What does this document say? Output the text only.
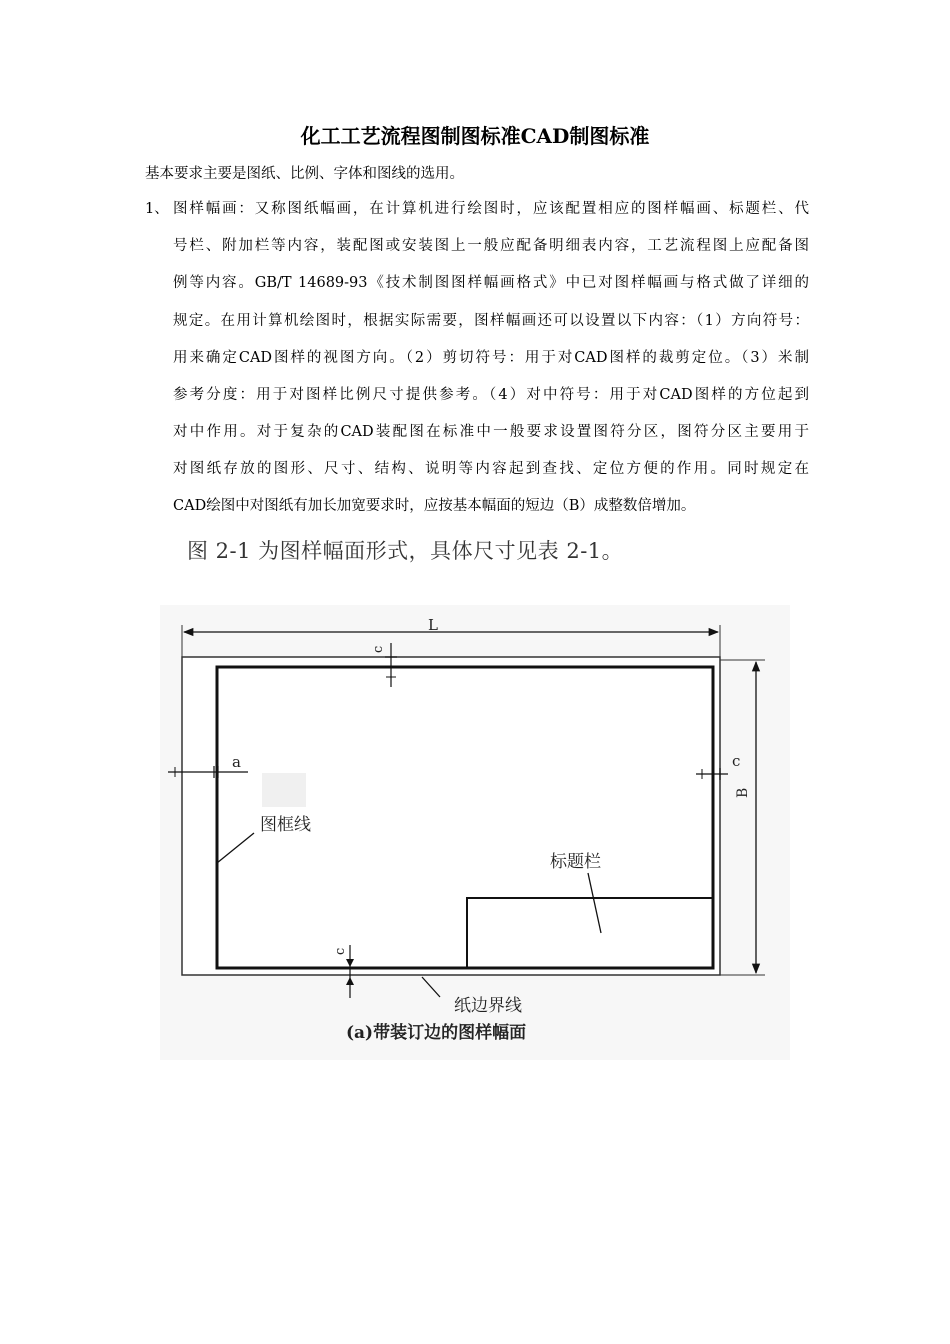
化工工艺流程图制图标准CAD制图标准
基本要求主要是图纸、比例、字体和图线的选用。
1、 图样幅画：又称图纸幅画，在计算机进行绘图时，应该配置相应的图样幅画、标题栏、代
号栏、附加栏等内容，装配图或安装图上一般应配备明细表内容，工艺流程图上应配备图
例等内容。GB/T 14689-93《技术制图图样幅画格式》中已对图样幅画与格式做了详细的
规定。在用计算机绘图时，根据实际需要，图样幅画还可以设置以下内容：（1）方向符号：
用来确定CAD图样的视图方向。（2）剪切符号：用于对CAD图样的裁剪定位。（3）米制
参考分度：用于对图样比例尺寸提供参考。（4）对中符号：用于对CAD图样的方位起到
对中作用。对于复杂的CAD装配图在标准中一般要求设置图符分区，图符分区主要用于
对图纸存放的图形、尺寸、结构、说明等内容起到查找、定位方便的作用。同时规定在
CAD绘图中对图纸有加长加宽要求时，应按基本幅面的短边（B）成整数倍增加。
图 2-1 为图样幅面形式，具体尺寸见表 2-1。
L
B
c
a	c
c
图框线
标题栏
纸边界线
(a)带装订边的图样幅面
